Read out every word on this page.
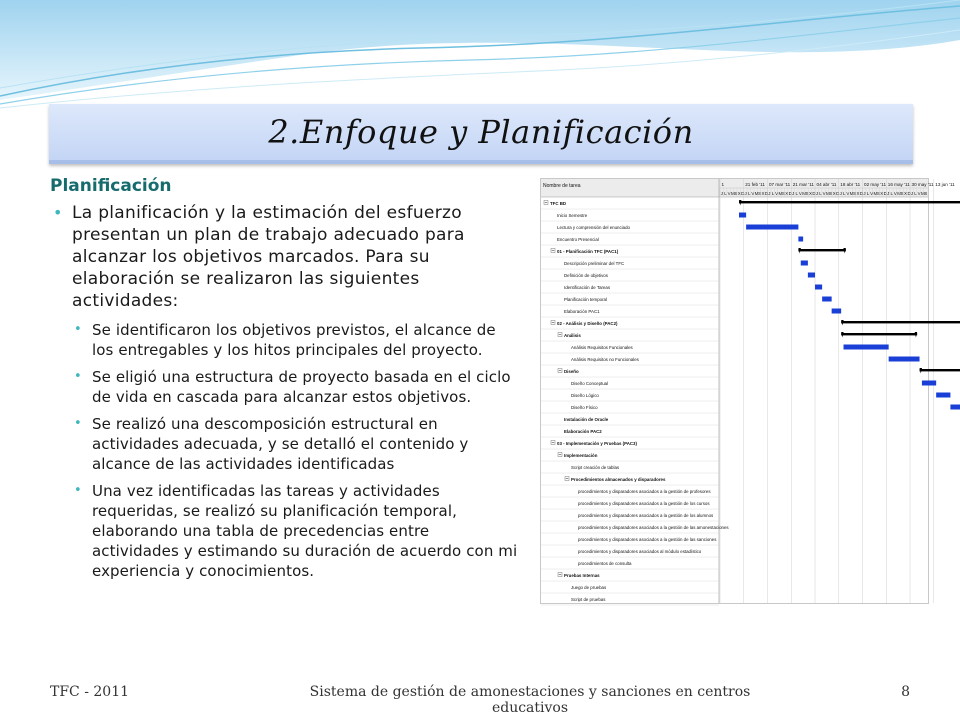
2.Enfoque y Planificación
Planificación
• La planificación y la estimación del esfuerzo presentan un plan de trabajo adecuado para alcanzar los objetivos marcados. Para su elaboración se realizaron las siguientes actividades:
• Se identificaron los objetivos previstos, el alcance de los entregables y los hitos principales del proyecto.
• Se eligió una estructura de proyecto basada en el ciclo de vida en cascada para alcanzar estos objetivos.
• Se realizó una descomposición estructural en actividades adecuada, y se detalló el contenido y alcance de las actividades identificadas
• Una vez identificadas las tareas y actividades requeridas, se realizó su planificación temporal, elaborando una tabla de precedencias entre actividades y estimando su duración de acuerdo con mi experiencia y conocimientos.
Nombre de tarea	1	21 feb '11 07 mar '11 21 mar '11 04 abr '11 18 abr '11 02 may '11 16 may '11 30 may '11 13 jun '11
J L V M S X D J L V M S X D J L V M S X D J L V M S X D J L V M S X D J L V M S X D J L V M S X D J L V M S X D J L V M S
TFC BD
Inicio Semestre
Lectura y comprensión del enunciado
Encuentro Presencial
01 - Planificación TFC (PAC1)
Descripción preliminar del TFC
Definición de objetivos
Identificación de Tareas
Planificación temporal
Elaboración PAC1
02 - Análisis y Diseño (PAC2)
Análisis
Análisis Requisitos Funcionales
Análisis Requisitos no Funcionales
Diseño
Diseño Conceptual
Diseño Lógico
Diseño Físico
Instalación de Oracle
Elaboración PAC2
03 - Implementación y Pruebas (PAC3)
Implementación
Script creación de tablas
Procedimientos almacenados y disparadores
procedimientos y disparadores asociados a la gestión de profesores
procedimientos y disparadores asociados a la gestión de los cursos
procedimientos y disparadores asociados a la gestión de los alumnos
procedimientos y disparadores asociados a la gestión de las amonestaciones
procedimientos y disparadores asociados a la gestión de las sanciones
procedimientos y disparadores asociados al módulo estadístico
procedimientos de consulta
Pruebas Internas
Juego de pruebas
Script de pruebas
TFC - 2011	Sistema de gestión de amonestaciones y sanciones en centros educativos
8
